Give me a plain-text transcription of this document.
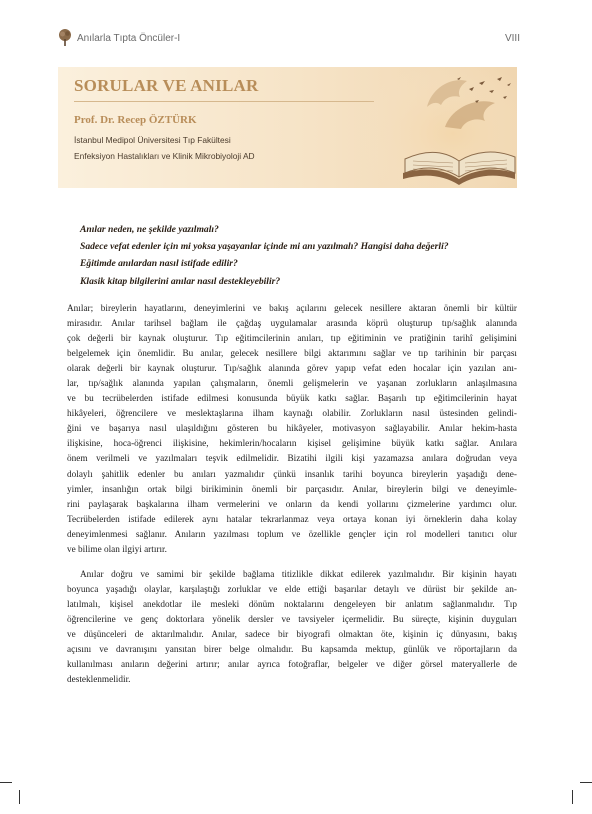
Anılarla Tıpta Öncüler-I	VIII
SORULAR VE ANILAR
Prof. Dr. Recep ÖZTÜRK
İstanbul Medipol Üniversitesi Tıp Fakültesi
Enfeksiyon Hastalıkları ve Klinik Mikrobiyoloji AD
Anılar neden, ne şekilde yazılmalı?
Sadece vefat edenler için mi yoksa yaşayanlar içinde mi anı yazılmalı? Hangisi daha değerli?
Eğitimde anılardan nasıl istifade edilir?
Klasik kitap bilgilerini anılar nasıl destekleyebilir?

Anılar; bireylerin hayatlarını, deneyimlerini ve bakış açılarını gelecek nesillere aktaran önemli bir kültür
mirasıdır. Anılar tarihsel bağlam ile çağdaş uygulamalar arasında köprü oluşturup tıp/sağlık alanında
çok değerli bir kaynak oluşturur. Tıp eğitimcilerinin anıları, tıp eğitiminin ve pratiğinin tarihî gelişimini
belgelemek için önemlidir. Bu anılar, gelecek nesillere bilgi aktarımını sağlar ve tıp tarihinin bir parçası
olarak değerli bir kaynak oluşturur. Tıp/sağlık alanında görev yapıp vefat eden hocalar için yazılan anı-
lar, tıp/sağlık alanında yapılan çalışmaların, önemli gelişmelerin ve yaşanan zorlukların anlaşılmasına
ve bu tecrübelerden istifade edilmesi konusunda büyük katkı sağlar. Başarılı tıp eğitimcilerinin hayat
hikâyeleri, öğrencilere ve meslektaşlarına ilham kaynağı olabilir. Zorlukların nasıl üstesinden gelindi-
ğini ve başarıya nasıl ulaşıldığını gösteren bu hikâyeler, motivasyon sağlayabilir. Anılar hekim-hasta
ilişkisine, hoca-öğrenci ilişkisine, hekimlerin/hocaların kişisel gelişimine büyük katkı sağlar. Anılara
önem verilmeli ve yazılmaları teşvik edilmelidir. Bizatihi ilgili kişi yazamazsa anılara doğrudan veya
dolaylı şahitlik edenler bu anıları yazmalıdır çünkü insanlık tarihi boyunca bireylerin yaşadığı dene-
yimler, insanlığın ortak bilgi birikiminin önemli bir parçasıdır. Anılar, bireylerin bilgi ve deneyimle-
rini paylaşarak başkalarına ilham vermelerini ve onların da kendi yollarını çizmelerine yardımcı olur.
Tecrübelerden istifade edilerek aynı hatalar tekrarlanmaz veya ortaya konan iyi örneklerin daha kolay
deneyimlenmesi sağlanır. Anıların yazılması toplum ve özellikle gençler için rol modelleri tanıtıcı olur
ve bilime olan ilgiyi artırır.

Anılar doğru ve samimi bir şekilde bağlama titizlikle dikkat edilerek yazılmalıdır. Bir kişinin hayatı
boyunca yaşadığı olaylar, karşılaştığı zorluklar ve elde ettiği başarılar detaylı ve dürüst bir şekilde an-
latılmalı, kişisel anekdotlar ile mesleki dönüm noktalarını dengeleyen bir anlatım sağlanmalıdır. Tıp
öğrencilerine ve genç doktorlara yönelik dersler ve tavsiyeler içermelidir. Bu süreçte, kişinin duyguları
ve düşünceleri de aktarılmalıdır. Anılar, sadece bir biyografi olmaktan öte, kişinin iç dünyasını, bakış
açısını ve davranışını yansıtan birer belge olmalıdır. Bu kapsamda mektup, günlük ve röportajların da
kullanılması anıların değerini artırır; anılar ayrıca fotoğraflar, belgeler ve diğer görsel materyallerle de
desteklenmelidir.
